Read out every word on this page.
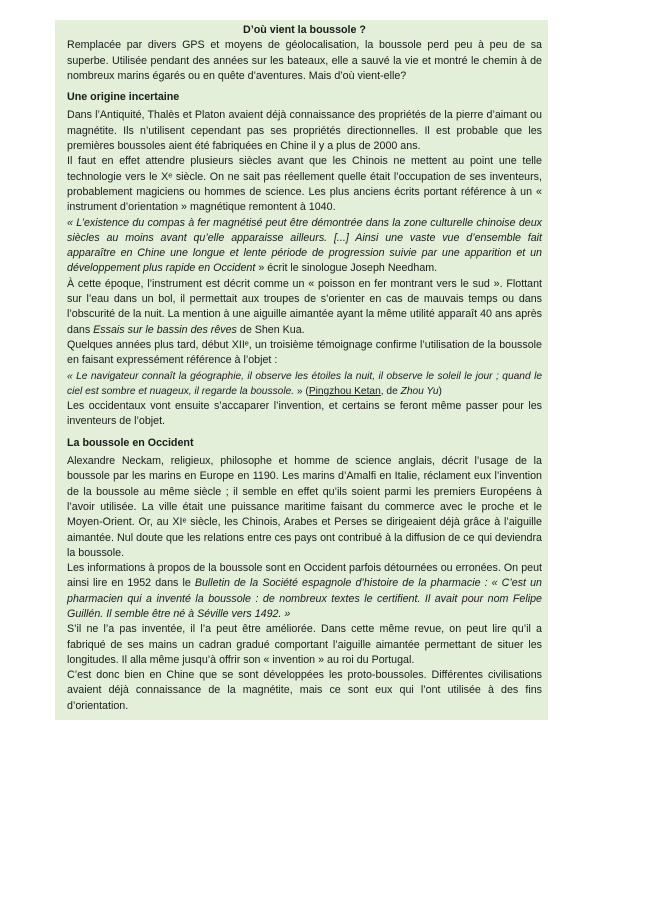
D’où vient la boussole ?

Remplacée par divers GPS et moyens de géolocalisation, la boussole perd peu à peu de sa superbe. Utilisée pendant des années sur les bateaux, elle a sauvé la vie et montré le chemin à de nombreux marins égarés ou en quête d’aventures. Mais d’où vient-elle?

Une origine incertaine

Dans l’Antiquité, Thalès et Platon avaient déjà connaissance des propriétés de la pierre d’aimant ou magnétite. Ils n’utilisent cependant pas ses propriétés directionnelles. Il est probable que les premières boussoles aient été fabriquées en Chine il y a plus de 2000 ans.

Il faut en effet attendre plusieurs siècles avant que les Chinois ne mettent au point une telle technologie vers le Xᵉ siècle. On ne sait pas réellement quelle était l’occupation de ses inventeurs, probablement magiciens ou hommes de science. Les plus anciens écrits portant référence à un « instrument d’orientation » magnétique remontent à 1040.

« L’existence du compas à fer magnétisé peut être démontrée dans la zone culturelle chinoise deux siècles au moins avant qu’elle apparaisse ailleurs. [...] Ainsi une vaste vue d’ensemble fait apparaître en Chine une longue et lente période de progression suivie par une apparition et un développement plus rapide en Occident » écrit le sinologue Joseph Needham.

À cette époque, l’instrument est décrit comme un « poisson en fer montrant vers le sud ». Flottant sur l’eau dans un bol, il permettait aux troupes de s’orienter en cas de mauvais temps ou dans l’obscurité de la nuit. La mention à une aiguille aimantée ayant la même utilité apparaît 40 ans après dans Essais sur le bassin des rêves de Shen Kua.

Quelques années plus tard, début XIIᵉ, un troisième témoignage confirme l’utilisation de la boussole en faisant expressément référence à l’objet :

« Le navigateur connaît la géographie, il observe les étoiles la nuit, il observe le soleil le jour ; quand le ciel est sombre et nuageux, il regarde la boussole. » (Pingzhou Ketan, de Zhou Yu)

Les occidentaux vont ensuite s’accaparer l’invention, et certains se feront même passer pour les inventeurs de l’objet.

La boussole en Occident

Alexandre Neckam, religieux, philosophe et homme de science anglais, décrit l’usage de la boussole par les marins en Europe en 1190. Les marins d’Amalfi en Italie, réclament eux l’invention de la boussole au même siècle ; il semble en effet qu’ils soient parmi les premiers Européens à l’avoir utilisée. La ville était une puissance maritime faisant du commerce avec le proche et le Moyen-Orient. Or, au XIᵉ siècle, les Chinois, Arabes et Perses se dirigeaient déjà grâce à l’aiguille aimantée. Nul doute que les relations entre ces pays ont contribué à la diffusion de ce qui deviendra la boussole.

Les informations à propos de la boussole sont en Occident parfois détournées ou erronées. On peut ainsi lire en 1952 dans le Bulletin de la Société espagnole d’histoire de la pharmacie : « C’est un pharmacien qui a inventé la boussole : de nombreux textes le certifient. Il avait pour nom Felipe Guillén. Il semble être né à Séville vers 1492. »

S’il ne l’a pas inventée, il l’a peut être améliorée. Dans cette même revue, on peut lire qu’il a fabriqué de ses mains un cadran gradué comportant l’aiguille aimantée permettant de situer les longitudes. Il alla même jusqu’à offrir son « invention » au roi du Portugal.

C’est donc bien en Chine que se sont développées les proto-boussoles. Différentes civilisations avaient déjà connaissance de la magnétite, mais ce sont eux qui l’ont utilisée à des fins d’orientation.
